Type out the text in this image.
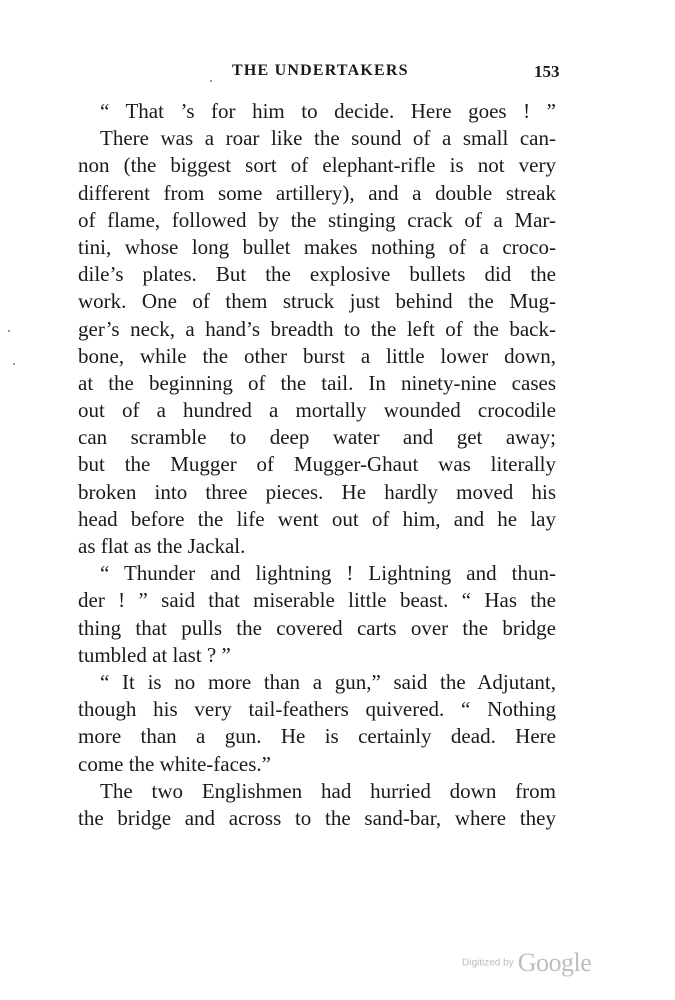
THE UNDERTAKERS	153
“ That ’s for him to decide. Here goes ! ”
There was a roar like the sound of a small can-
non (the biggest sort of elephant-rifle is not very
different from some artillery), and a double streak
of flame, followed by the stinging crack of a Mar-
tini, whose long bullet makes nothing of a croco-
dile’s plates. But the explosive bullets did the
work. One of them struck just behind the Mug-
ger’s neck, a hand’s breadth to the left of the back-
bone, while the other burst a little lower down,
at the beginning of the tail. In ninety-nine cases
out of a hundred a mortally wounded crocodile
can scramble to deep water and get away;
but the Mugger of Mugger-Ghaut was literally
broken into three pieces. He hardly moved his
head before the life went out of him, and he lay
as flat as the Jackal.
“ Thunder and lightning ! Lightning and thun-
der ! ” said that miserable little beast. “ Has the
thing that pulls the covered carts over the bridge
tumbled at last ? ”
“ It is no more than a gun,” said the Adjutant,
though his very tail-feathers quivered. “ Nothing
more than a gun. He is certainly dead. Here
come the white-faces.”
The two Englishmen had hurried down from
the bridge and across to the sand-bar, where they
Digitized by Google
